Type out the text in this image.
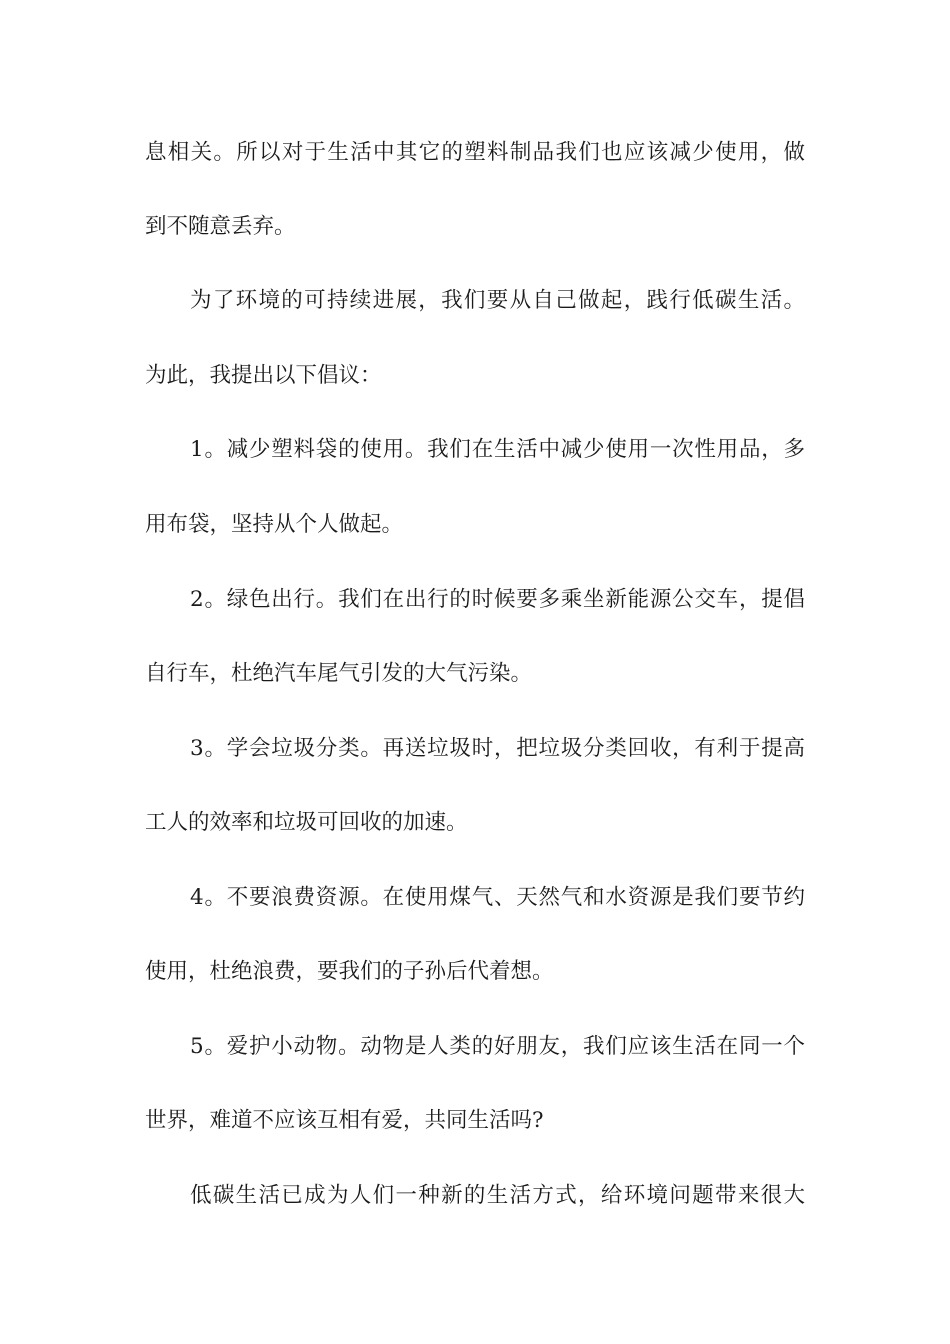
息相关。所以对于生活中其它的塑料制品我们也应该减少使用，做

到不随意丢弃。

为了环境的可持续进展，我们要从自己做起，践行低碳生活。

为此，我提出以下倡议：

1。减少塑料袋的使用。我们在生活中减少使用一次性用品，多

用布袋，坚持从个人做起。

2。绿色出行。我们在出行的时候要多乘坐新能源公交车，提倡

自行车，杜绝汽车尾气引发的大气污染。

3。学会垃圾分类。再送垃圾时，把垃圾分类回收，有利于提高

工人的效率和垃圾可回收的加速。

4。不要浪费资源。在使用煤气、天然气和水资源是我们要节约

使用，杜绝浪费，要我们的子孙后代着想。

5。爱护小动物。动物是人类的好朋友，我们应该生活在同一个

世界，难道不应该互相有爱，共同生活吗?

低碳生活已成为人们一种新的生活方式，给环境问题带来很大
